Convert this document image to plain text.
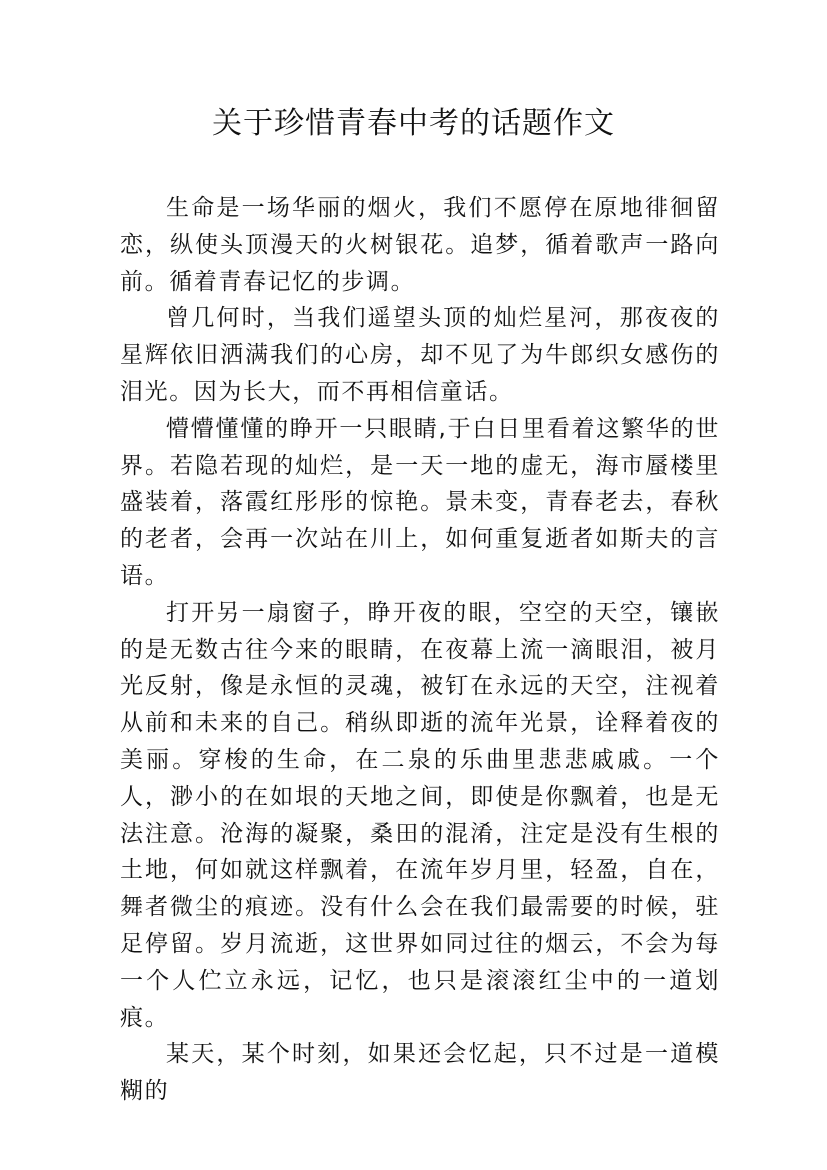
关于珍惜青春中考的话题作文

生命是一场华丽的烟火，我们不愿停在原地徘徊留恋，纵使头顶漫天的火树银花。追梦，循着歌声一路向前。循着青春记忆的步调。

曾几何时，当我们遥望头顶的灿烂星河，那夜夜的星辉依旧洒满我们的心房，却不见了为牛郎织女感伤的泪光。因为长大，而不再相信童话。

懵懵懂懂的睁开一只眼睛,于白日里看着这繁华的世界。若隐若现的灿烂，是一天一地的虚无，海市蜃楼里盛装着，落霞红彤彤的惊艳。景未变，青春老去，春秋的老者，会再一次站在川上，如何重复逝者如斯夫的言语。

打开另一扇窗子，睁开夜的眼，空空的天空，镶嵌的是无数古往今来的眼睛，在夜幕上流一滴眼泪，被月光反射，像是永恒的灵魂，被钉在永远的天空，注视着从前和未来的自己。稍纵即逝的流年光景，诠释着夜的美丽。穿梭的生命，在二泉的乐曲里悲悲戚戚。一个人，渺小的在如垠的天地之间，即使是你飘着，也是无法注意。沧海的凝聚，桑田的混淆，注定是没有生根的土地，何如就这样飘着，在流年岁月里，轻盈，自在，舞者微尘的痕迹。没有什么会在我们最需要的时候，驻足停留。岁月流逝，这世界如同过往的烟云，不会为每一个人伫立永远，记忆，也只是滚滚红尘中的一道划痕。

某天，某个时刻，如果还会忆起，只不过是一道模糊的
